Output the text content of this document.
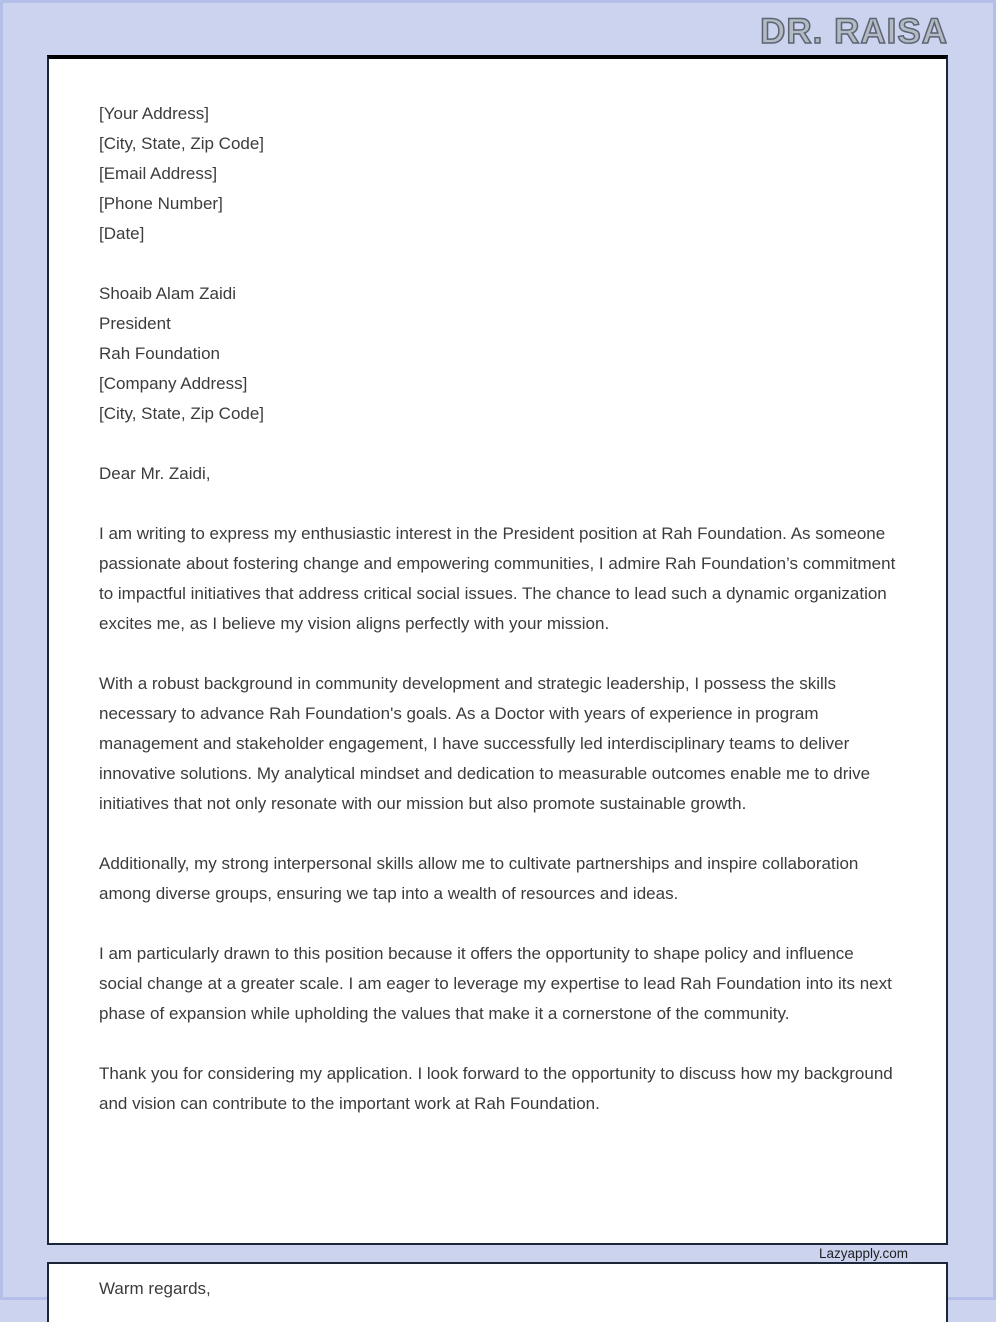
DR. RAISA
[Your Address]
[City, State, Zip Code]
[Email Address]
[Phone Number]
[Date]
Shoaib Alam Zaidi
President
Rah Foundation
[Company Address]
[City, State, Zip Code]
Dear Mr. Zaidi,

I am writing to express my enthusiastic interest in the President position at Rah Foundation. As someone passionate about fostering change and empowering communities, I admire Rah Foundation’s commitment to impactful initiatives that address critical social issues. The chance to lead such a dynamic organization excites me, as I believe my vision aligns perfectly with your mission.

With a robust background in community development and strategic leadership, I possess the skills necessary to advance Rah Foundation's goals. As a Doctor with years of experience in program management and stakeholder engagement, I have successfully led interdisciplinary teams to deliver innovative solutions. My analytical mindset and dedication to measurable outcomes enable me to drive initiatives that not only resonate with our mission but also promote sustainable growth.

Additionally, my strong interpersonal skills allow me to cultivate partnerships and inspire collaboration among diverse groups, ensuring we tap into a wealth of resources and ideas.

I am particularly drawn to this position because it offers the opportunity to shape policy and influence social change at a greater scale. I am eager to leverage my expertise to lead Rah Foundation into its next phase of expansion while upholding the values that make it a cornerstone of the community.

Thank you for considering my application. I look forward to the opportunity to discuss how my background and vision can contribute to the important work at Rah Foundation.

Lazyapply.com
Warm regards,
